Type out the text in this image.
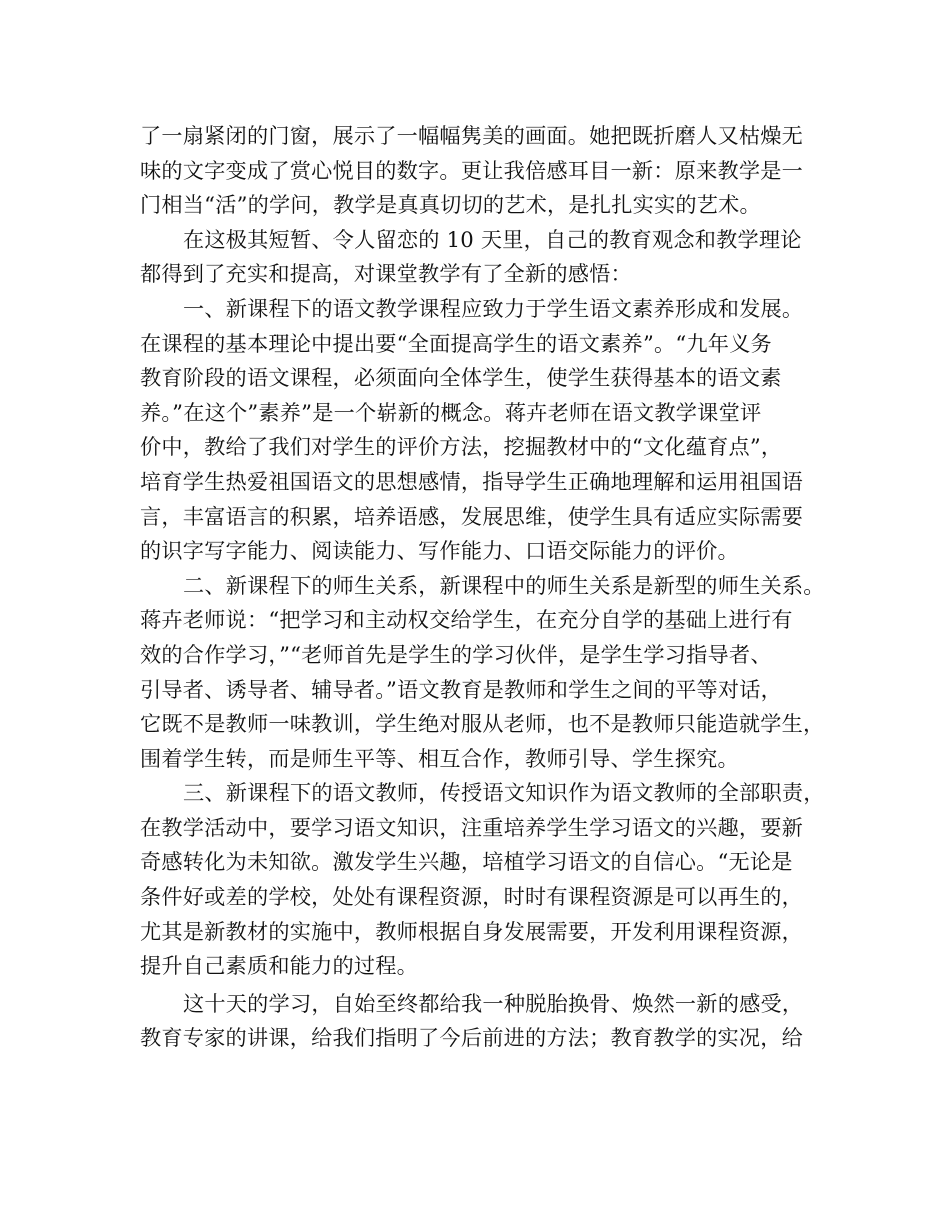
了一扇紧闭的门窗，展示了一幅幅隽美的画面。她把既折磨人又枯燥无
味的文字变成了赏心悦目的数字。更让我倍感耳目一新：原来教学是一
门相当“活”的学问，教学是真真切切的艺术，是扎扎实实的艺术。
在这极其短暂、令人留恋的 10 天里，自己的教育观念和教学理论
都得到了充实和提高，对课堂教学有了全新的感悟：
一、新课程下的语文教学课程应致力于学生语文素养形成和发展。
在课程的基本理论中提出要“全面提高学生的语文素养”。“九年义务
教育阶段的语文课程，必须面向全体学生，使学生获得基本的语文素
养。”在这个”素养”是一个崭新的概念。蒋卉老师在语文教学课堂评
价中，教给了我们对学生的评价方法，挖掘教材中的“文化蕴育点”，
培育学生热爱祖国语文的思想感情，指导学生正确地理解和运用祖国语
言，丰富语言的积累，培养语感，发展思维，使学生具有适应实际需要
的识字写字能力、阅读能力、写作能力、口语交际能力的评价。
二、新课程下的师生关系，新课程中的师生关系是新型的师生关系。
蒋卉老师说：“把学习和主动权交给学生，在充分自学的基础上进行有
效的合作学习，”“老师首先是学生的学习伙伴，是学生学习指导者、
引导者、诱导者、辅导者。”语文教育是教师和学生之间的平等对话，
它既不是教师一味教训，学生绝对服从老师，也不是教师只能造就学生，
围着学生转，而是师生平等、相互合作，教师引导、学生探究。
三、新课程下的语文教师，传授语文知识作为语文教师的全部职责，
在教学活动中，要学习语文知识，注重培养学生学习语文的兴趣，要新
奇感转化为未知欲。激发学生兴趣，培植学习语文的自信心。“无论是
条件好或差的学校，处处有课程资源，时时有课程资源是可以再生的，
尤其是新教材的实施中，教师根据自身发展需要，开发利用课程资源，
提升自己素质和能力的过程。
这十天的学习，自始至终都给我一种脱胎换骨、焕然一新的感受，
教育专家的讲课，给我们指明了今后前进的方法；教育教学的实况，给
